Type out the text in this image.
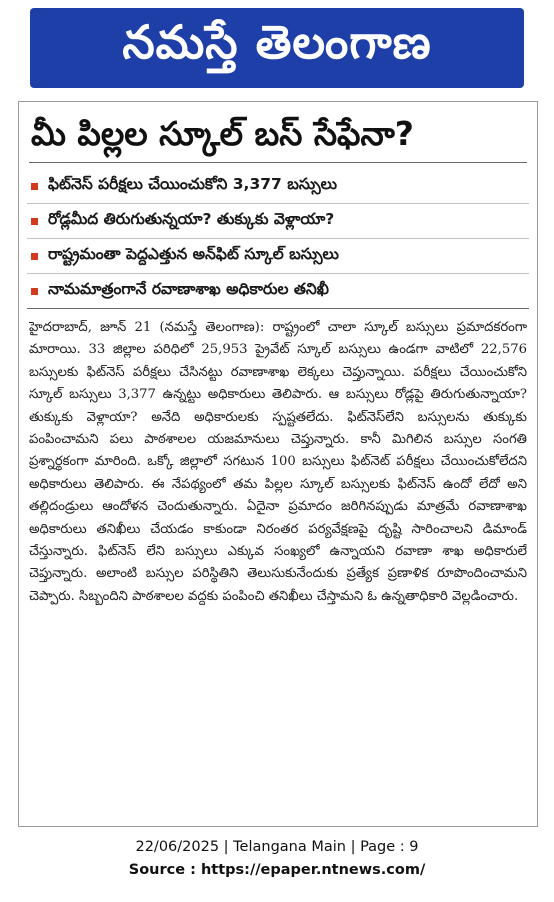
నమస్తే తెలంగాణ
మీ పిల్లల స్కూల్ బస్ సేఫేనా?
ఫిట్‌నెస్ పరీక్షలు చేయించుకోని 3,377 బస్సులు
రోడ్లమీద తిరుగుతున్నయా? తుక్కుకు వెళ్లాయా?
రాష్ట్రమంతా పెద్దఎత్తున అన్‌ఫిట్ స్కూల్ బస్సులు
నామమాత్రంగానే రవాణాశాఖ అధికారుల తనిఖీ
హైదరాబాద్, జూన్ 21 (నమస్తే తెలంగాణ): రాష్ట్రంలో చాలా స్కూల్ బస్సులు ప్రమాదకరంగా మారాయి. 33 జిల్లాల పరిధిలో 25,953 ప్రైవేట్ స్కూల్ బస్సులు ఉండగా వాటిలో 22,576 బస్సులకు ఫిట్‌నెస్ పరీక్షలు చేసినట్టు రవాణాశాఖ లెక్కలు చెప్తున్నాయి. పరీక్షలు చేయించుకోని స్కూల్ బస్సులు 3,377 ఉన్నట్టు అధికారులు తెలిపారు. ఆ బస్సులు రోడ్లపై తిరుగుతున్నాయా? తుక్కుకు వెళ్లాయా? అనేది అధికారులకు స్పష్టతలేదు. ఫిట్‌నెస్‌లేని బస్సులను తుక్కుకు పంపించామని పలు పాఠశాలల యజమానులు చెప్తున్నారు. కానీ మిగిలిన బస్సుల సంగతి ప్రశ్నార్థకంగా మారింది. ఒక్కో జిల్లాలో సగటున 100 బస్సులు ఫిట్‌నెట్ పరీక్షలు చేయించుకోలేదని అధికారులు తెలిపారు. ఈ నేపథ్యంలో తమ పిల్లల స్కూల్ బస్సులకు ఫిట్‌నెస్ ఉందో లేదో అని తల్లిదండ్రులు ఆందోళన చెందుతున్నారు. ఏదైనా ప్రమాదం జరిగినప్పుడు మాత్రమే రవాణాశాఖ అధికారులు తనిఖీలు చేయడం కాకుండా నిరంతర పర్యవేక్షణపై దృష్టి సారించాలని డిమాండ్ చేస్తున్నారు. ఫిట్‌నెస్ లేని బస్సులు ఎక్కువ సంఖ్యలో ఉన్నాయని రవాణా శాఖ అధికారులే చెప్తున్నారు. అలాంటి బస్సుల పరిస్థితిని తెలుసుకునేందుకు ప్రత్యేక ప్రణాళిక రూపొందించామని చెప్పారు. సిబ్బందిని పాఠశాలల వద్దకు పంపించి తనిఖీలు చేస్తామని ఓ ఉన్నతాధికారి వెల్లడించారు.
22/06/2025 | Telangana Main | Page : 9
Source : https://epaper.ntnews.com/
